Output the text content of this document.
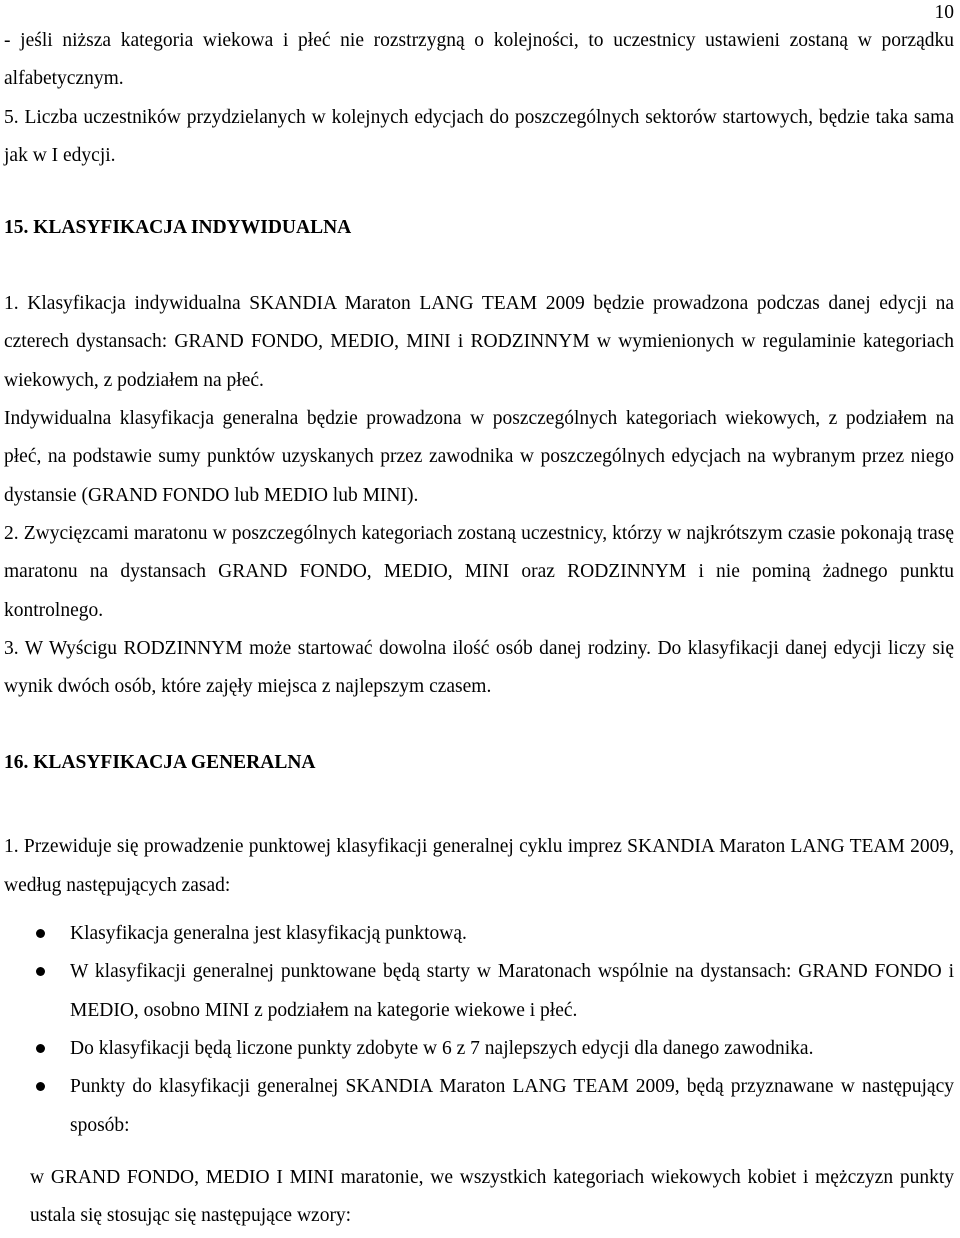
10

- jeśli niższa kategoria wiekowa i płeć nie rozstrzygną o kolejności, to uczestnicy ustawieni zostaną w porządku alfabetycznym.

5. Liczba uczestników przydzielanych w kolejnych edycjach do poszczególnych sektorów startowych, będzie taka sama jak w I edycji.

15. KLASYFIKACJA INDYWIDUALNA

1. Klasyfikacja indywidualna SKANDIA Maraton LANG TEAM 2009 będzie prowadzona podczas danej edycji na czterech dystansach: GRAND FONDO, MEDIO, MINI i RODZINNYM w wymienionych w regulaminie kategoriach wiekowych, z podziałem na płeć.

Indywidualna klasyfikacja generalna będzie prowadzona w poszczególnych kategoriach wiekowych, z podziałem na płeć, na podstawie sumy punktów uzyskanych przez zawodnika w poszczególnych edycjach na wybranym przez niego dystansie (GRAND FONDO lub MEDIO lub MINI).

2. Zwycięzcami maratonu w poszczególnych kategoriach zostaną uczestnicy, którzy w najkrótszym czasie pokonają trasę maratonu na dystansach GRAND FONDO, MEDIO, MINI oraz RODZINNYM i nie pominą żadnego punktu kontrolnego.

3. W Wyścigu RODZINNYM może startować dowolna ilość osób danej rodziny. Do klasyfikacji danej edycji liczy się wynik dwóch osób, które zajęły miejsca z najlepszym czasem.

16. KLASYFIKACJA GENERALNA

1. Przewiduje się prowadzenie punktowej klasyfikacji generalnej cyklu imprez SKANDIA Maraton LANG TEAM 2009, według następujących zasad:

Klasyfikacja generalna jest klasyfikacją punktową.
W klasyfikacji generalnej punktowane będą starty w Maratonach wspólnie na dystansach: GRAND FONDO i MEDIO, osobno MINI z podziałem na kategorie wiekowe i płeć.
Do klasyfikacji będą liczone punkty zdobyte w 6 z 7 najlepszych edycji dla danego zawodnika.
Punkty do klasyfikacji generalnej SKANDIA Maraton LANG TEAM 2009, będą przyznawane w następujący sposób:

w GRAND FONDO, MEDIO I MINI maratonie, we wszystkich kategoriach wiekowych kobiet i mężczyzn punkty ustala się stosując się następujące wzory:
